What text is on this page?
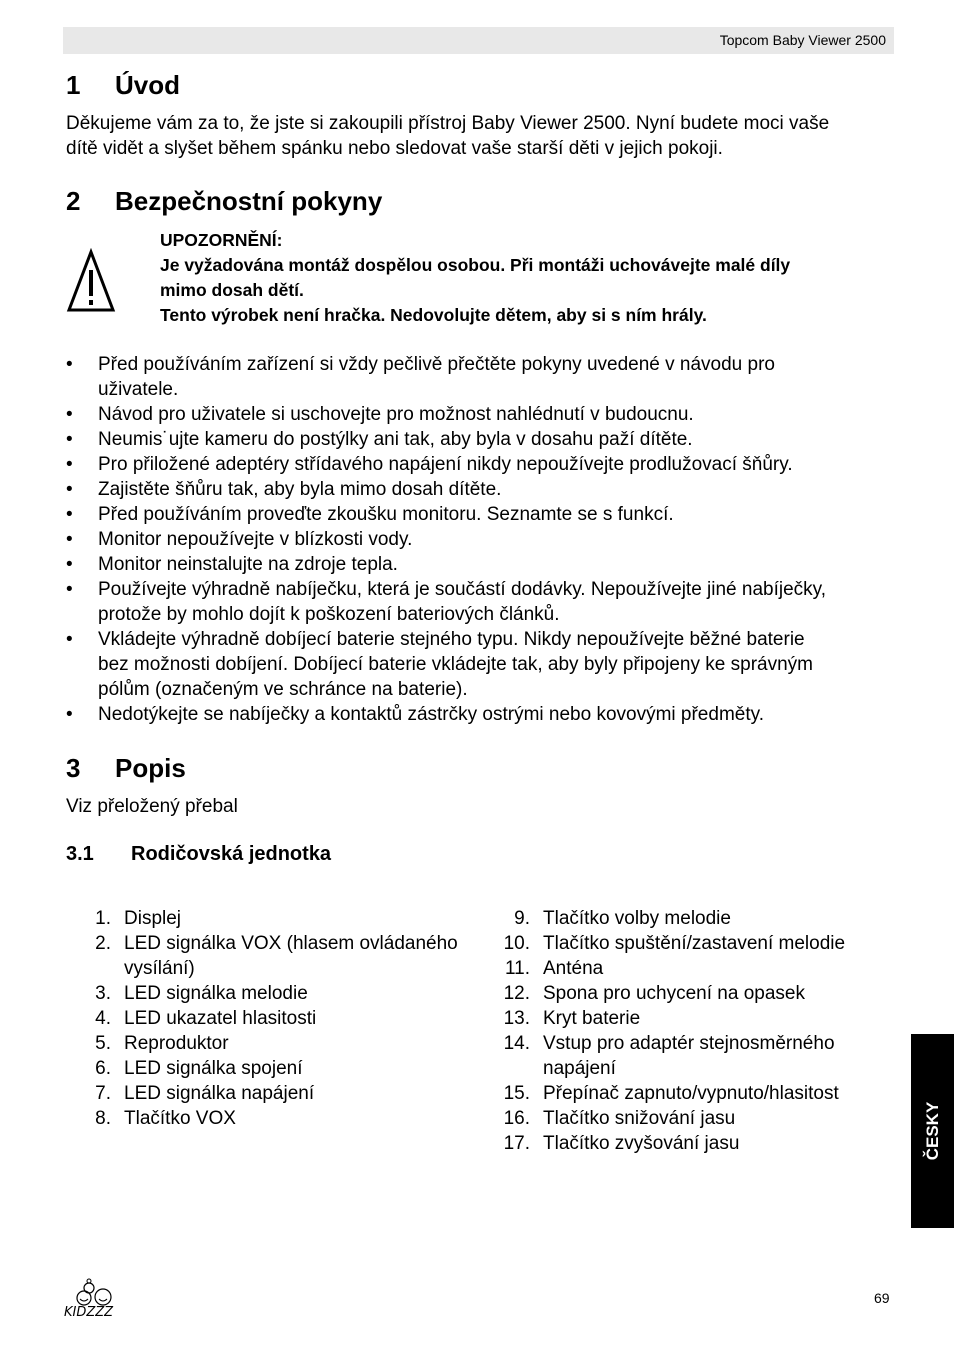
Topcom Baby Viewer 2500
1 Úvod

Děkujeme vám za to, že jste si zakoupili přístroj Baby Viewer 2500. Nyní budete moci vaše
dítě vidět a slyšet během spánku nebo sledovat vaše starší děti v jejich pokoji.

2 Bezpečnostní pokyny
UPOZORNĚNÍ:
Je vyžadována montáž dospělou osobou. Při montáži uchovávejte malé díly
mimo dosah dětí.
Tento výrobek není hračka. Nedovolujte dětem, aby si s ním hrály.
• Před používáním zařízení si vždy pečlivě přečtěte pokyny uvedené v návodu pro
uživatele.
• Návod pro uživatele si uschovejte pro možnost nahlédnutí v budoucnu.
• Neumis˙ujte kameru do postýlky ani tak, aby byla v dosahu paží dítěte.
• Pro přiložené adeptéry střídavého napájení nikdy nepoužívejte prodlužovací šňůry.
• Zajistěte šňůru tak, aby byla mimo dosah dítěte.
• Před používáním proveďte zkoušku monitoru. Seznamte se s funkcí.
• Monitor nepoužívejte v blízkosti vody.
• Monitor neinstalujte na zdroje tepla.
• Používejte výhradně nabíječku, která je součástí dodávky. Nepoužívejte jiné nabíječky,
protože by mohlo dojít k poškození bateriových článků.
• Vkládejte výhradně dobíjecí baterie stejného typu. Nikdy nepoužívejte běžné baterie
bez možnosti dobíjení. Dobíjecí baterie vkládejte tak, aby byly připojeny ke správným
pólům (označeným ve schránce na baterie).
• Nedotýkejte se nabíječky a kontaktů zástrčky ostrými nebo kovovými předměty.
3 Popis

Viz přeložený přebal

3.1 Rodičovská jednotka
1. Displej
2. LED signálka VOX (hlasem ovládaného
vysílání)
3. LED signálka melodie
4. LED ukazatel hlasitosti
5. Reproduktor
6. LED signálka spojení
7. LED signálka napájení
8. Tlačítko VOX
9. Tlačítko volby melodie
10. Tlačítko spuštění/zastavení melodie
11. Anténa
12. Spona pro uchycení na opasek
13. Kryt baterie
14. Vstup pro adaptér stejnosměrného
napájení
15. Přepínač zapnuto/vypnuto/hlasitost
16. Tlačítko snižování jasu
17. Tlačítko zvyšování jasu	ČESKY
KIDZZZ
69
